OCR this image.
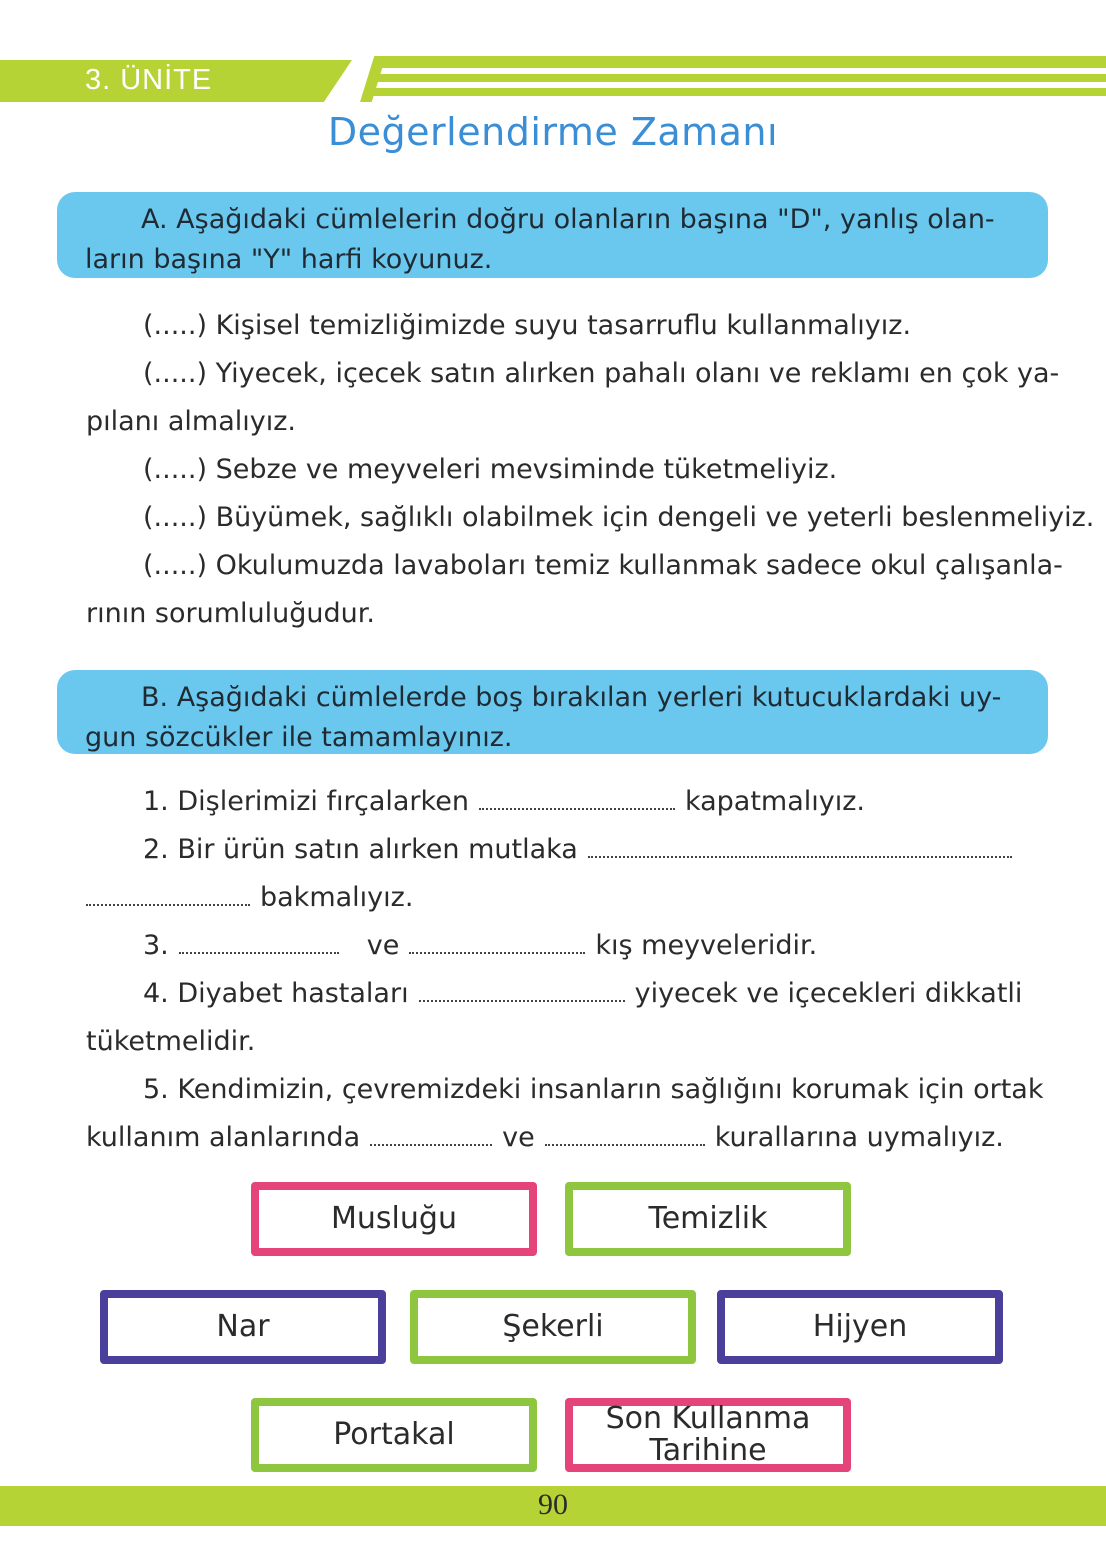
3. ÜNİTE
Değerlendirme Zamanı
A. Aşağıdaki cümlelerin doğru olanların başına "D", yanlış olan-
ların başına "Y" harfi koyunuz.
(.....) Kişisel temizliğimizde suyu tasarruflu kullanmalıyız.
(.....) Yiyecek, içecek satın alırken pahalı olanı ve reklamı en çok ya-
pılanı almalıyız.
(.....) Sebze ve meyveleri mevsiminde tüketmeliyiz.
(.....) Büyümek, sağlıklı olabilmek için dengeli ve yeterli beslenmeliyiz.
(.....) Okulumuzda lavaboları temiz kullanmak sadece okul çalışanla-
rının sorumluluğudur.
B. Aşağıdaki cümlelerde boş bırakılan yerleri kutucuklardaki uy-
gun sözcükler ile tamamlayınız.
1. Dişlerimizi fırçalarken	kapatmalıyız.
2. Bir ürün satın alırken mutlaka
bakmalıyız.
3.	ve	kış meyveleridir.
4. Diyabet hastaları	yiyecek ve içecekleri dikkatli
tüketmelidir.
5. Kendimizin, çevremizdeki insanların sağlığını korumak için ortak
kullanım alanlarında	ve	kurallarına uymalıyız.
Musluğu	Temizlik
Nar	Şekerli	Hijyen
Portakal	Son Kullanma
Tarihine
90
